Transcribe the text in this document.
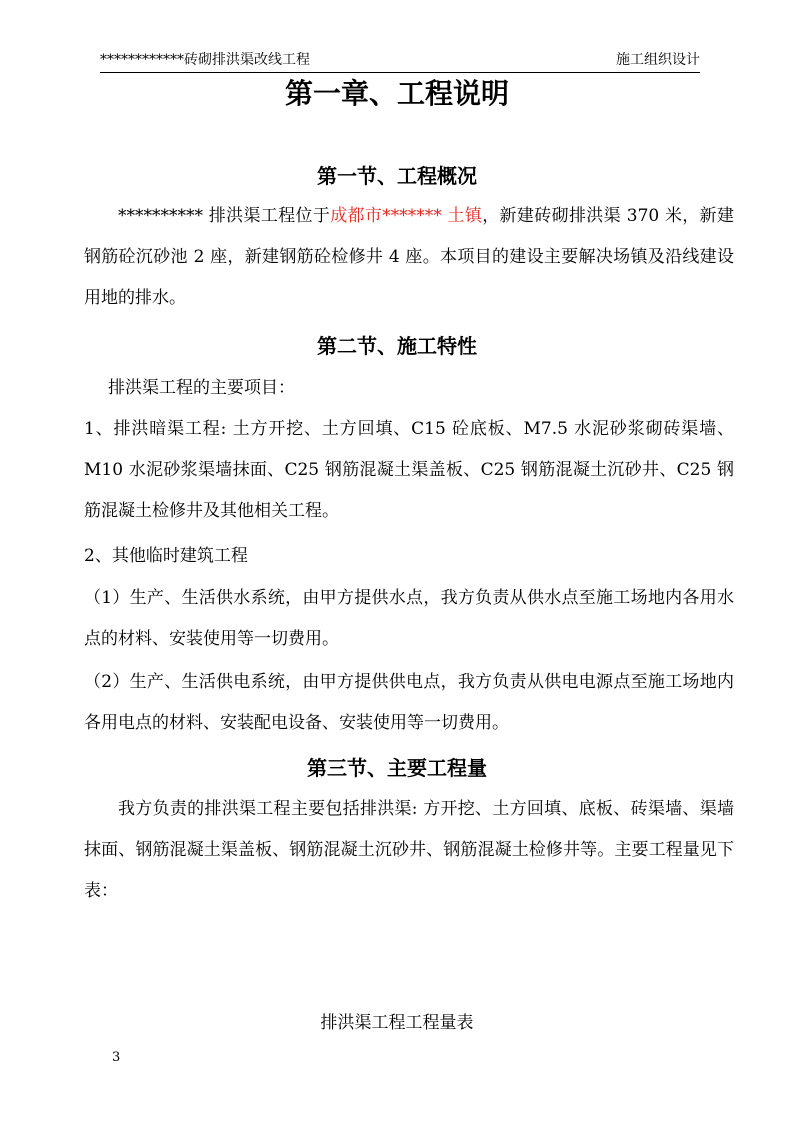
************砖砌排洪渠改线工程	施工组织设计
第一章、工程说明
第一节、工程概况
********** 排洪渠工程位于成都市******* 土镇，新建砖砌排洪渠 370 米，新建钢筋砼沉砂池 2 座，新建钢筋砼检修井 4 座。本项目的建设主要解决场镇及沿线建设用地的排水。
第二节、施工特性
排洪渠工程的主要项目：
1、排洪暗渠工程: 土方开挖、土方回填、C15 砼底板、M7.5 水泥砂浆砌砖渠墙、M10 水泥砂浆渠墙抹面、C25 钢筋混凝土渠盖板、C25 钢筋混凝土沉砂井、C25 钢筋混凝土检修井及其他相关工程。
2、其他临时建筑工程
（1）生产、生活供水系统，由甲方提供水点，我方负责从供水点至施工场地内各用水点的材料、安装使用等一切费用。
（2）生产、生活供电系统，由甲方提供供电点，我方负责从供电电源点至施工场地内各用电点的材料、安装配电设备、安装使用等一切费用。
第三节、主要工程量
我方负责的排洪渠工程主要包括排洪渠: 方开挖、土方回填、底板、砖渠墙、渠墙抹面、钢筋混凝土渠盖板、钢筋混凝土沉砂井、钢筋混凝土检修井等。主要工程量见下表：
排洪渠工程工程量表
3
